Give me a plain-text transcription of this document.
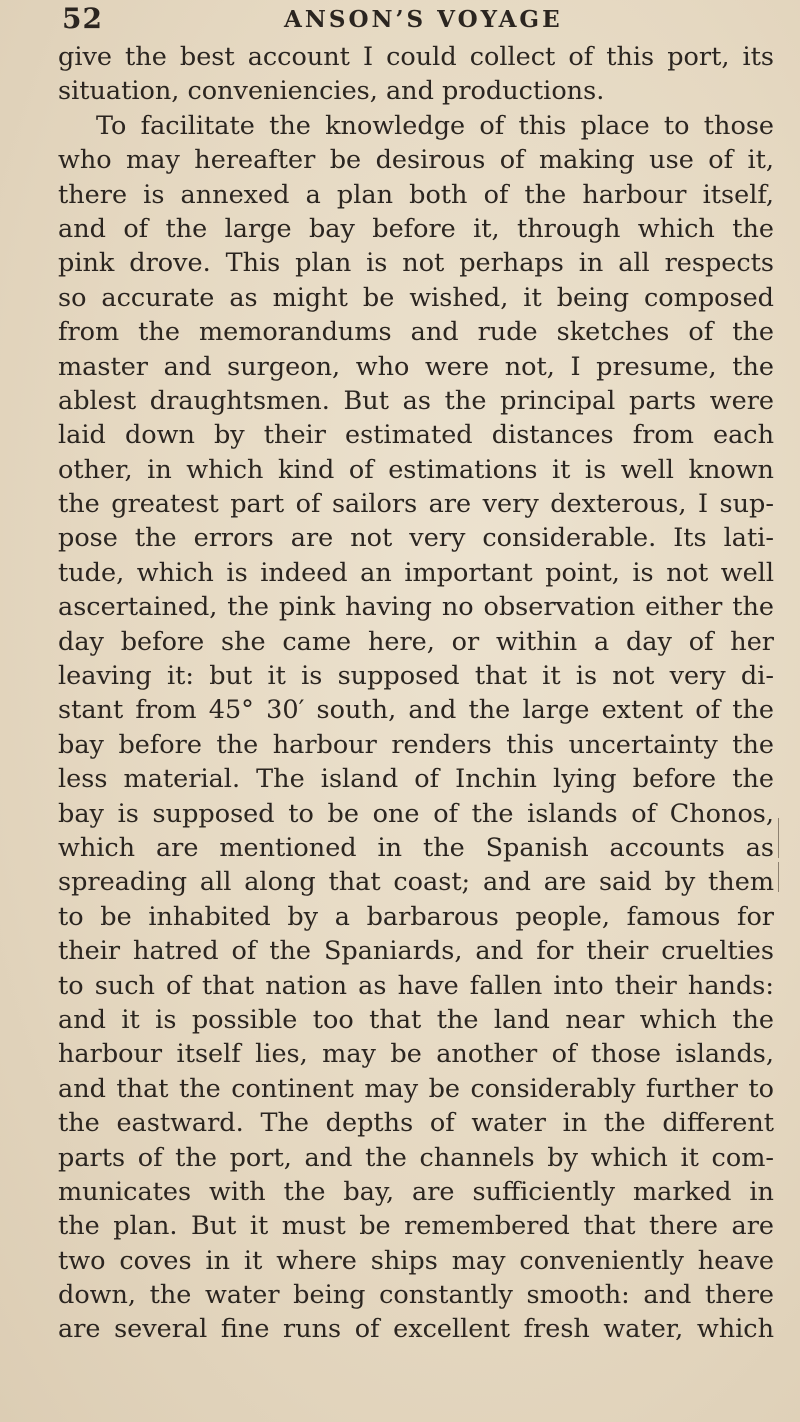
52	ANSON’S VOYAGE
give the best account I could collect of this port, its
situation, conveniencies, and productions.
To facilitate the knowledge of this place to those
who may hereafter be desirous of making use of it,
there is annexed a plan both of the harbour itself,
and of the large bay before it, through which the
pink drove. This plan is not perhaps in all respects
so accurate as might be wished, it being composed
from the memorandums and rude sketches of the
master and surgeon, who were not, I presume, the
ablest draughtsmen. But as the principal parts were
laid down by their estimated distances from each
other, in which kind of estimations it is well known
the greatest part of sailors are very dexterous, I sup-
pose the errors are not very considerable. Its lati-
tude, which is indeed an important point, is not well
ascertained, the pink having no observation either the
day before she came here, or within a day of her
leaving it: but it is supposed that it is not very di-
stant from 45° 30′ south, and the large extent of the
bay before the harbour renders this uncertainty the
less material. The island of Inchin lying before the
bay is supposed to be one of the islands of Chonos,
which are mentioned in the Spanish accounts as
spreading all along that coast; and are said by them
to be inhabited by a barbarous people, famous for
their hatred of the Spaniards, and for their cruelties
to such of that nation as have fallen into their hands:
and it is possible too that the land near which the
harbour itself lies, may be another of those islands,
and that the continent may be considerably further to
the eastward. The depths of water in the different
parts of the port, and the channels by which it com-
municates with the bay, are sufficiently marked in
the plan. But it must be remembered that there are
two coves in it where ships may conveniently heave
down, the water being constantly smooth: and there
are several fine runs of excellent fresh water, which
